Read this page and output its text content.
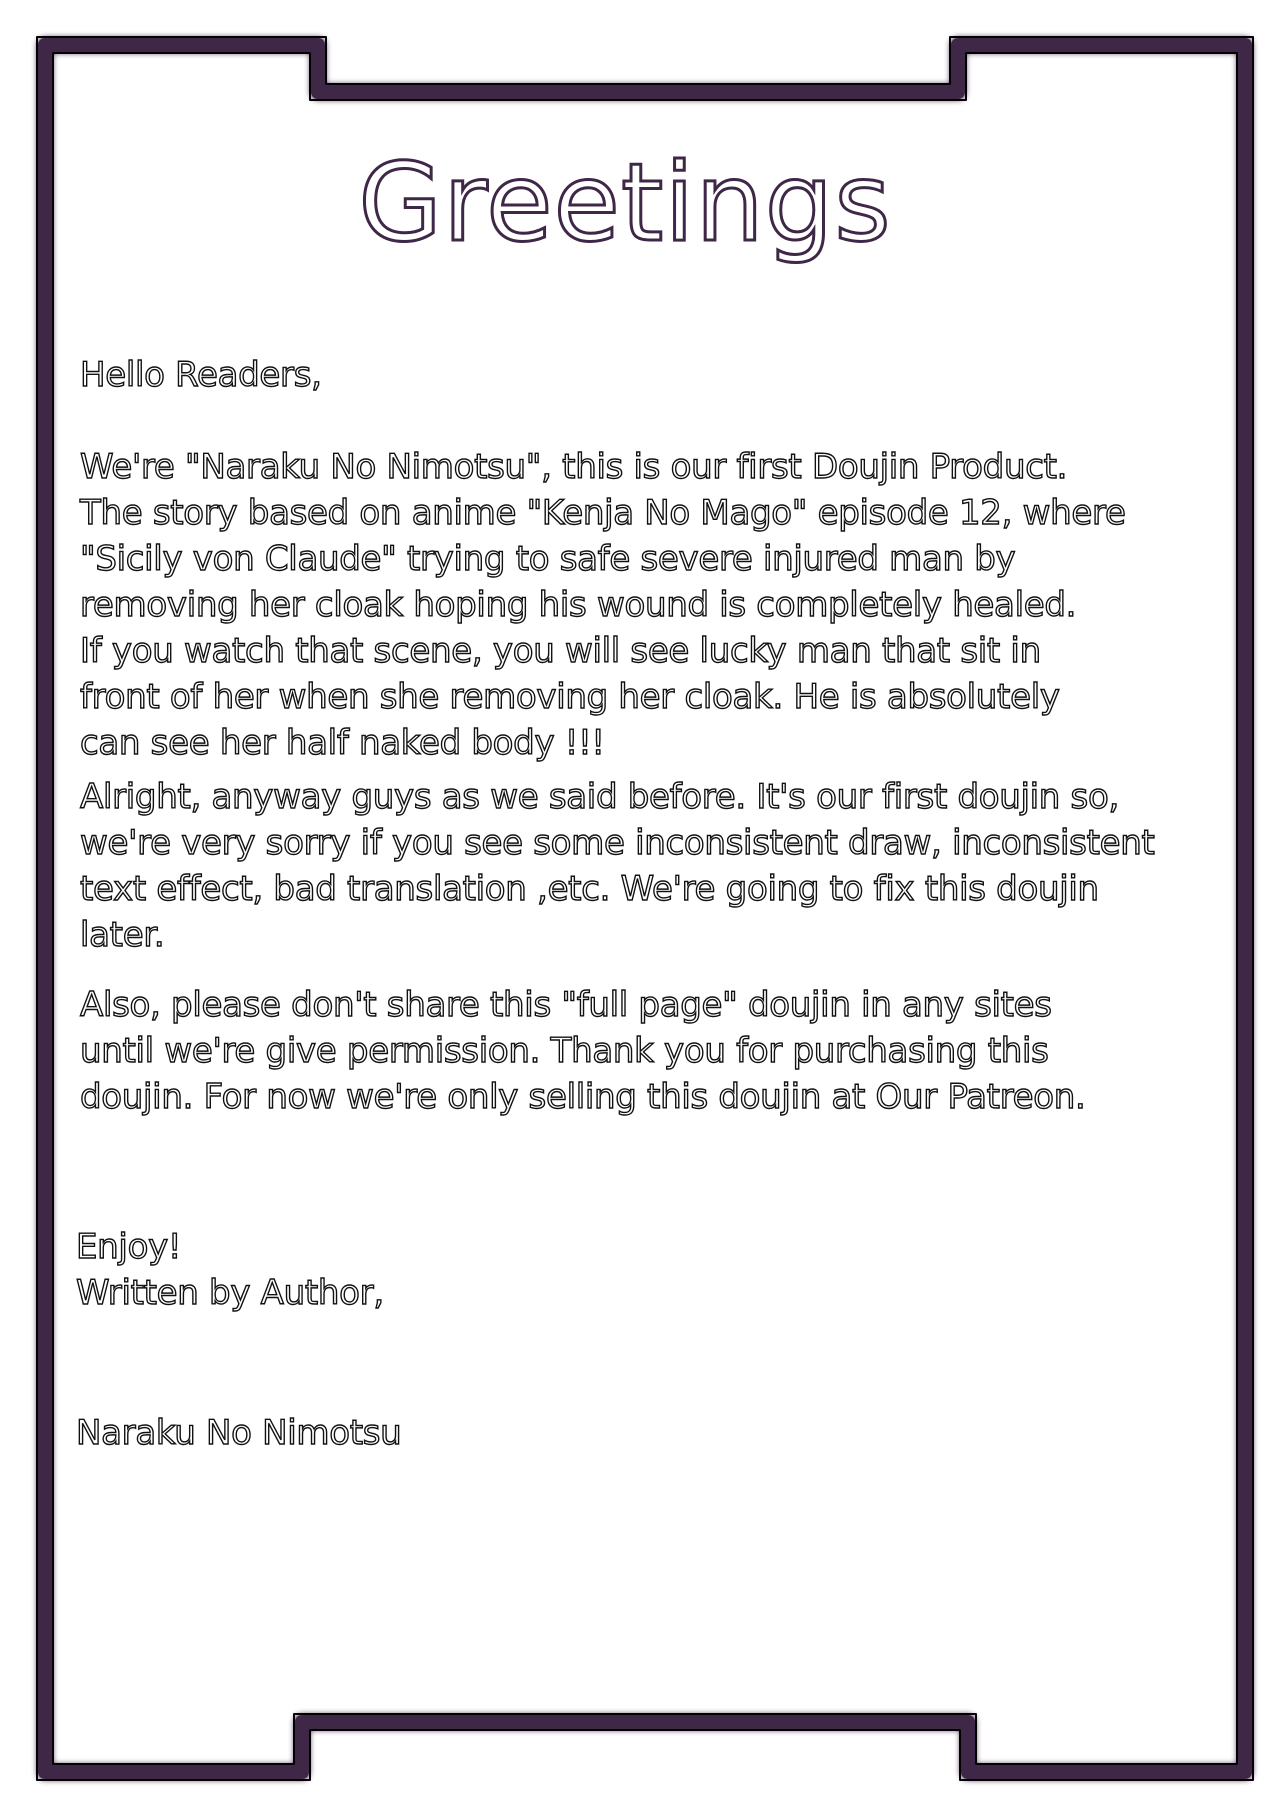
Greetings

Hello Readers,

We're "Naraku No Nimotsu", this is our first Doujin Product.

The story based on anime "Kenja No Mago" episode 12, where

"Sicily von Claude" trying to safe severe injured man by

removing her cloak hoping his wound is completely healed.

If you watch that scene, you will see lucky man that sit in

front of her when she removing her cloak. He is absolutely

can see her half naked body !!!

Alright, anyway guys as we said before. It's our first doujin so,

we're very sorry if you see some inconsistent draw, inconsistent

text effect, bad translation ,etc. We're going to fix this doujin

later.

Also, please don't share this "full page" doujin in any sites

until we're give permission. Thank you for purchasing this

doujin. For now we're only selling this doujin at Our Patreon.

Enjoy!

Written by Author,

Naraku No Nimotsu
